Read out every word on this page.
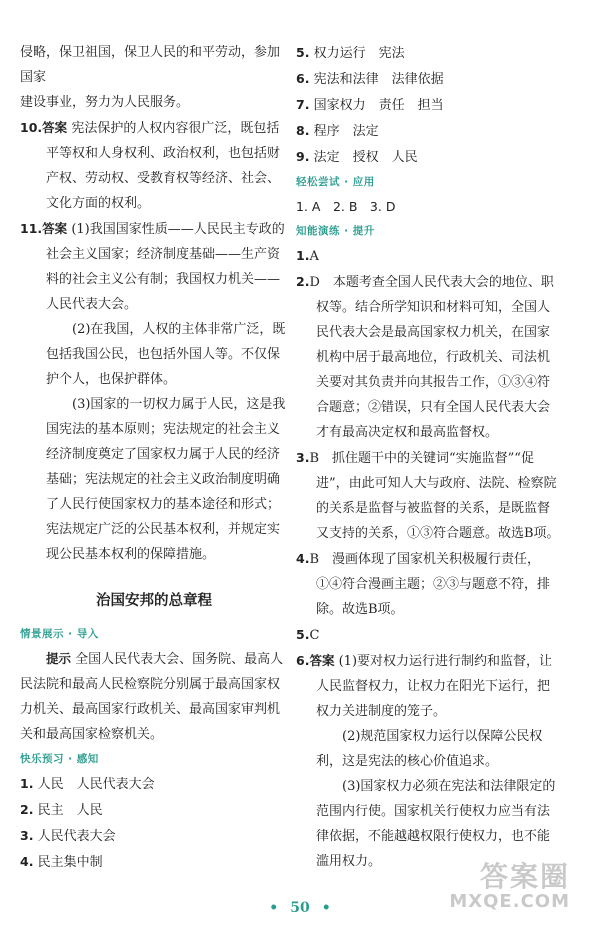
侵略，保卫祖国，保卫人民的和平劳动，参加国家

建设事业，努力为人民服务。

10.答案 宪法保护的人权内容很广泛，既包括平等权和人身权利、政治权利，也包括财产权、劳动权、受教育权等经济、社会、文化方面的权利。

11.答案 (1)我国国家性质——人民民主专政的社会主义国家；经济制度基础——生产资料的社会主义公有制；我国权力机关——人民代表大会。

(2)在我国，人权的主体非常广泛，既包括我国公民，也包括外国人等。不仅保护个人，也保护群体。

(3)国家的一切权力属于人民，这是我国宪法的基本原则；宪法规定的社会主义经济制度奠定了国家权力属于人民的经济基础；宪法规定的社会主义政治制度明确了人民行使国家权力的基本途径和形式；宪法规定广泛的公民基本权利，并规定实现公民基本权利的保障措施。

治国安邦的总章程
情景展示 · 导入

提示 全国人民代表大会、国务院、最高人民法院和最高人民检察院分别属于最高国家权力机关、最高国家行政机关、最高国家审判机关和最高国家检察机关。

快乐预习 · 感知

1. 人民　人民代表大会

2. 民主　人民

3. 人民代表大会

4. 民主集中制

5. 权力运行　宪法

6. 宪法和法律　法律依据

7. 国家权力　责任　担当

8. 程序　法定

9. 法定　授权　人民

轻松尝试 · 应用

1. A　2. B　3. D

知能演练 · 提升

1.A

2.D　本题考查全国人民代表大会的地位、职权等。结合所学知识和材料可知，全国人民代表大会是最高国家权力机关，在国家机构中居于最高地位，行政机关、司法机关要对其负责并向其报告工作，①③④符合题意；②错误，只有全国人民代表大会才有最高决定权和最高监督权。

3.B　抓住题干中的关键词“实施监督”“促进”，由此可知人大与政府、法院、检察院的关系是监督与被监督的关系，是既监督又支持的关系，①③符合题意。故选B项。

4.B　漫画体现了国家机关积极履行责任，①④符合漫画主题；②③与题意不符，排除。故选B项。

5.C

6.答案 (1)要对权力运行进行制约和监督，让人民监督权力，让权力在阳光下运行，把权力关进制度的笼子。

(2)规范国家权力运行以保障公民权利，这是宪法的核心价值追求。

(3)国家权力必须在宪法和法律限定的范围内行使。国家机关行使权力应当有法律依据，不能越越权限行使权力，也不能滥用权力。

• 50 •
答案圈
MXQE.COM
